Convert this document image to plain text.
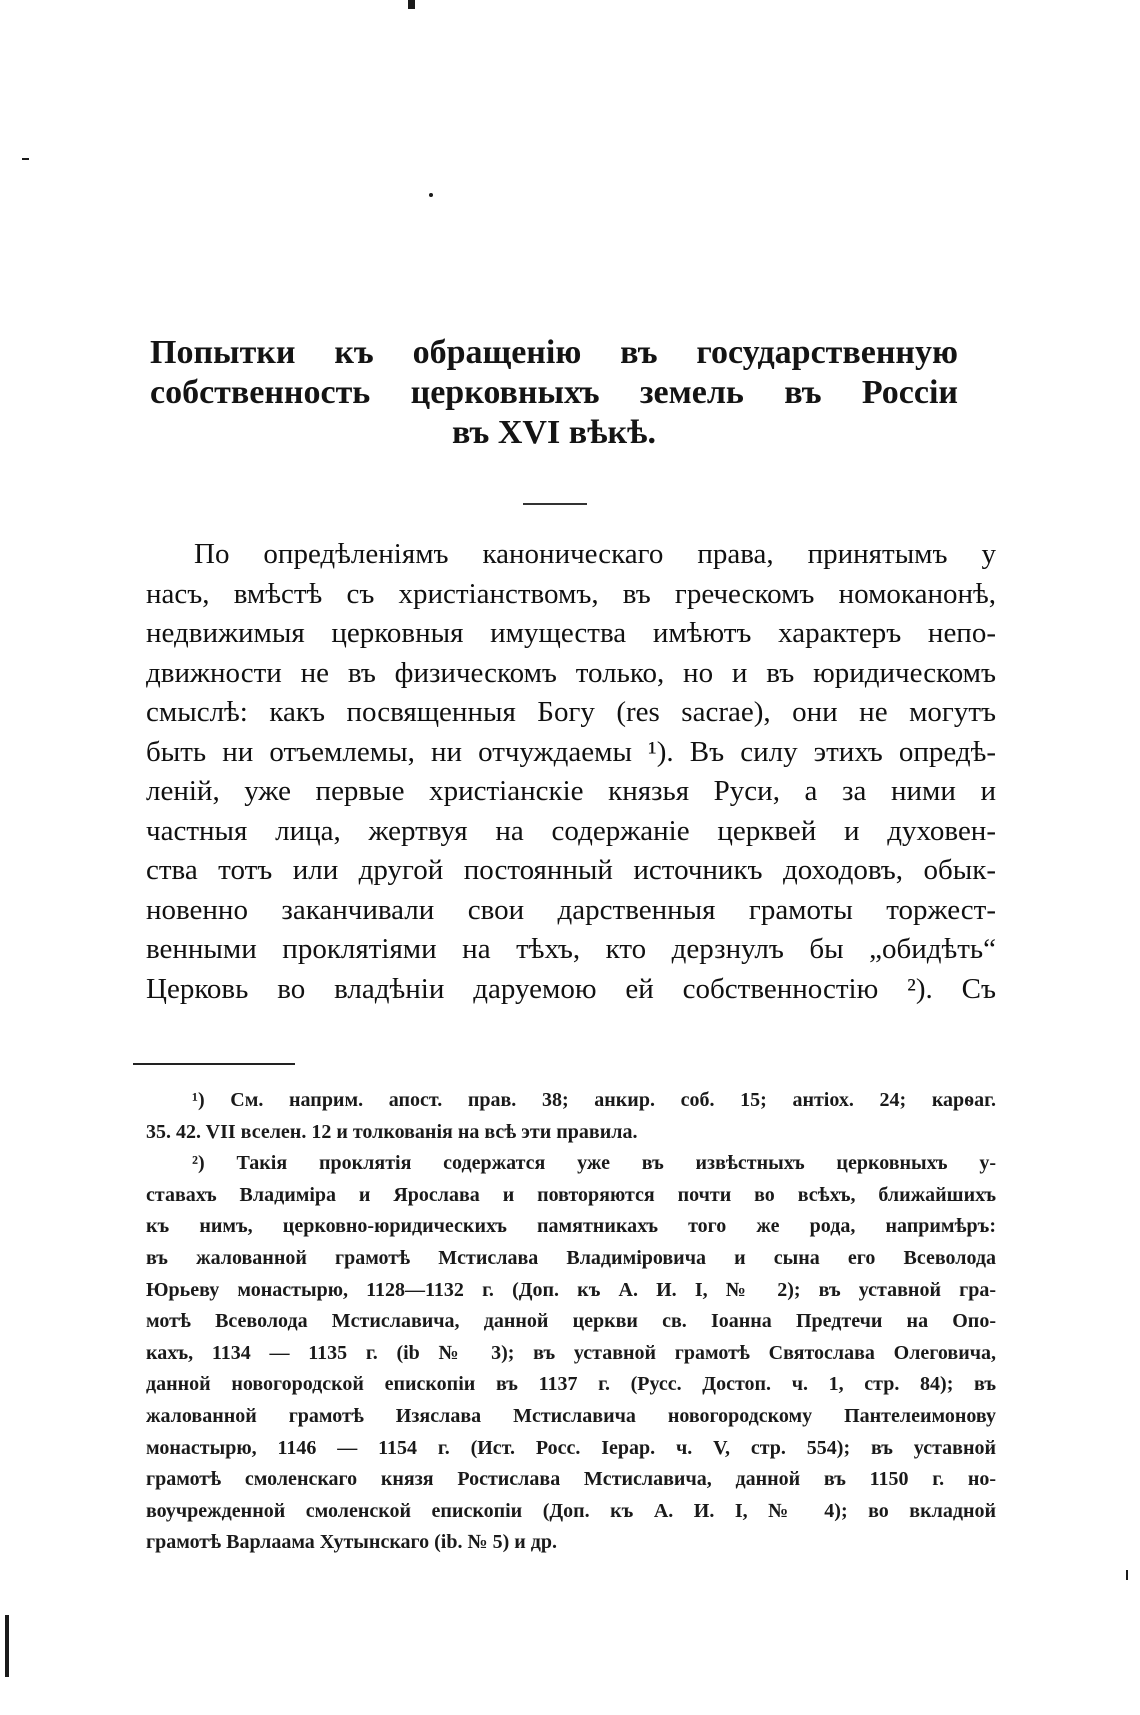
Попытки къ обращенію въ государственную
собственность церковныхъ земель въ Россіи
въ XVI вѣкѣ.
По опредѣленіямъ каноническаго права, принятымъ у
насъ, вмѣстѣ съ христіанствомъ, въ греческомъ номоканонѣ,
недвижимыя церковныя имущества имѣютъ характеръ непо-
движности не въ физическомъ только, но и въ юридическомъ
смыслѣ: какъ посвященныя Богу (res sacrae), они не могутъ
быть ни отъемлемы, ни отчуждаемы ¹). Въ силу этихъ опредѣ-
леній, уже первые христіанскіе князья Руси, а за ними и
частныя лица, жертвуя на содержаніе церквей и духовен-
ства тотъ или другой постоянный источникъ доходовъ, обык-
новенно заканчивали свои дарственныя грамоты торжест-
венными проклятіями на тѣхъ, кто дерзнулъ бы „обидѣть“
Церковь во владѣніи даруемою ей собственностію ²). Съ
¹) См. наприм. апост. прав. 38; анкир. соб. 15; антіох. 24; карѳаг.
35. 42. VII вселен. 12 и толкованія на всѣ эти правила.
²) Такія проклятія содержатся уже въ извѣстныхъ церковныхъ у-
ставахъ Владиміра и Ярослава и повторяются почти во всѣхъ, ближайшихъ
къ нимъ, церковно-юридическихъ памятникахъ того же рода, напримѣръ:
въ жалованной грамотѣ Мстислава Владиміровича и сына его Всеволода
Юрьеву монастырю, 1128—1132 г. (Доп. къ А. И. I, № 2); въ уставной гра-
мотѣ Всеволода Мстиславича, данной церкви св. Іоанна Предтечи на Опо-
кахъ, 1134 — 1135 г. (ib № 3); въ уставной грамотѣ Святослава Олеговича,
данной новогородской епископіи въ 1137 г. (Русс. Достоп. ч. 1, стр. 84); въ
жалованной грамотѣ Изяслава Мстиславича новогородскому Пантелеимонову
монастырю, 1146 — 1154 г. (Ист. Росс. Іерар. ч. V, стр. 554); въ уставной
грамотѣ смоленскаго князя Ростислава Мстиславича, данной въ 1150 г. но-
воучрежденной смоленской епископіи (Доп. къ А. И. I, № 4); во вкладной
грамотѣ Варлаама Хутынскаго (ib. № 5) и др.
